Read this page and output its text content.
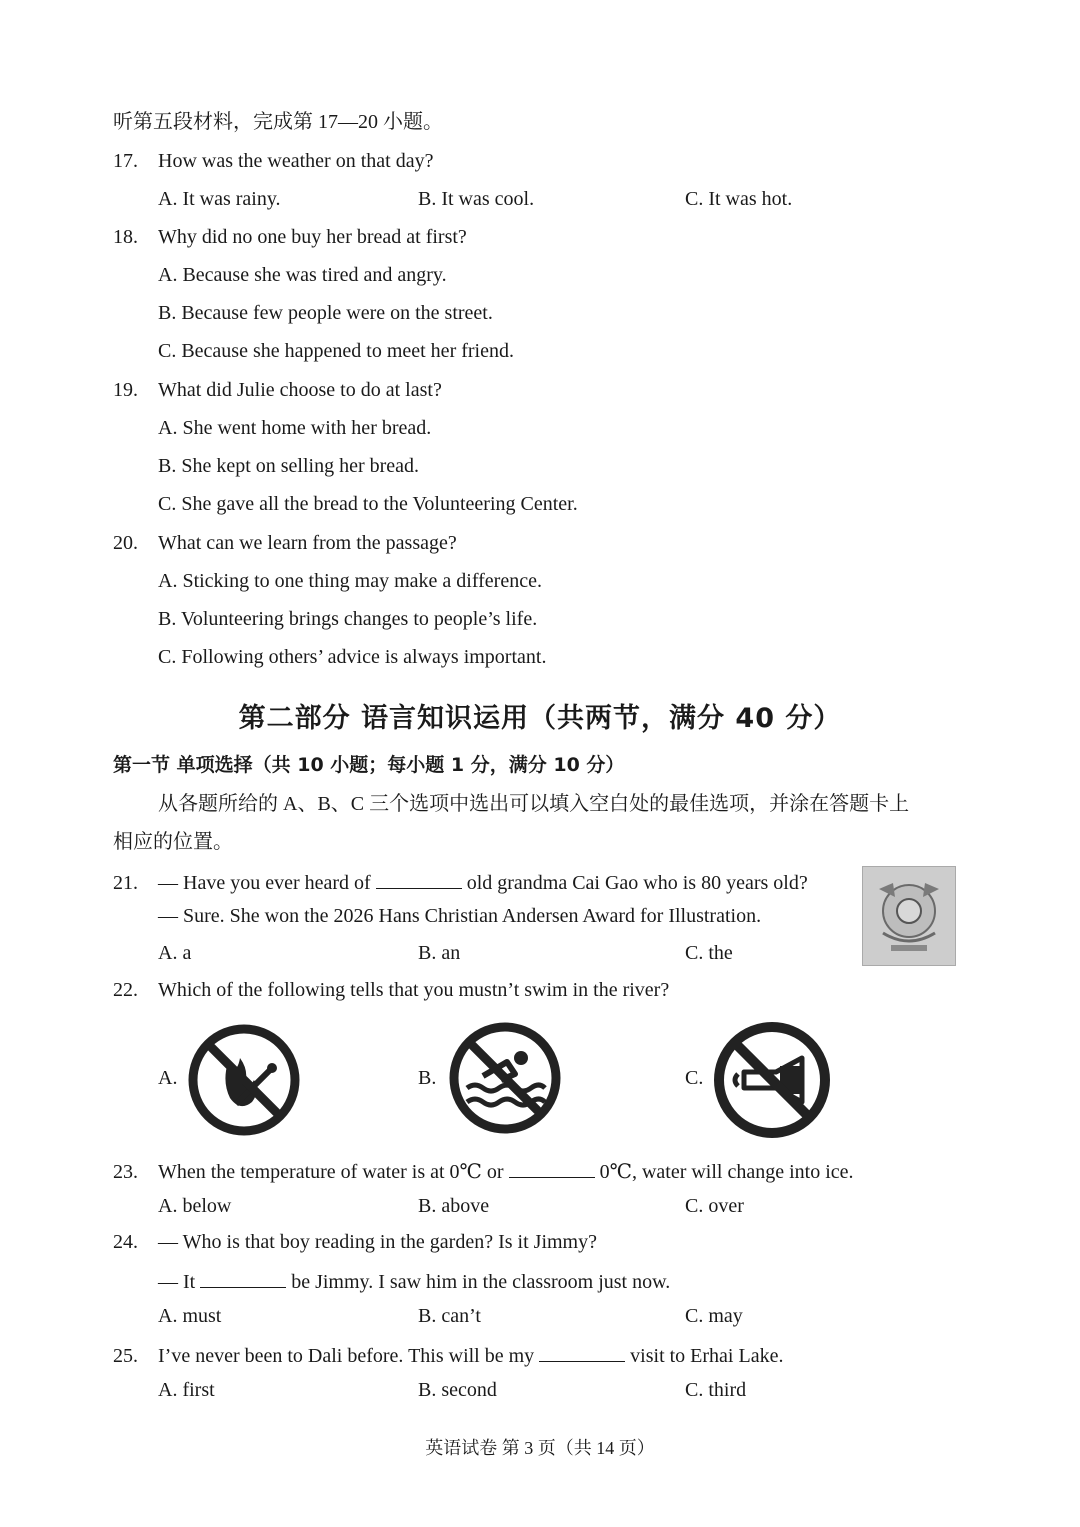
听第五段材料，完成第 17—20 小题。
17. How was the weather on that day?
A. It was rainy.	B. It was cool.	C. It was hot.
18. Why did no one buy her bread at first?
A. Because she was tired and angry.
B. Because few people were on the street.
C. Because she happened to meet her friend.
19. What did Julie choose to do at last?
A. She went home with her bread.
B. She kept on selling her bread.
C. She gave all the bread to the Volunteering Center.
20. What can we learn from the passage?
A. Sticking to one thing may make a difference.
B. Volunteering brings changes to people’s life.
C. Following others’ advice is always important.
第二部分 语言知识运用（共两节，满分 40 分）
第一节 单项选择（共 10 小题；每小题 1 分，满分 10 分）
从各题所给的 A、B、C 三个选项中选出可以填入空白处的最佳选项，并涂在答题卡上
相应的位置。
21. — Have you ever heard of	old grandma Cai Gao who is 80 years old?
— Sure. She won the 2026 Hans Christian Andersen Award for Illustration.
A. a	B. an	C. the
22. Which of the following tells that you mustn’t swim in the river?
A.	B.	C.
23. When the temperature of water is at 0℃ or	0℃, water will change into ice.
A. below	B. above	C. over
24. — Who is that boy reading in the garden? Is it Jimmy?
— It	be Jimmy. I saw him in the classroom just now.
A. must	B. can’t	C. may
25. I’ve never been to Dali before. This will be my	visit to Erhai Lake.
A. first	B. second	C. third
英语试卷 第 3 页（共 14 页）
